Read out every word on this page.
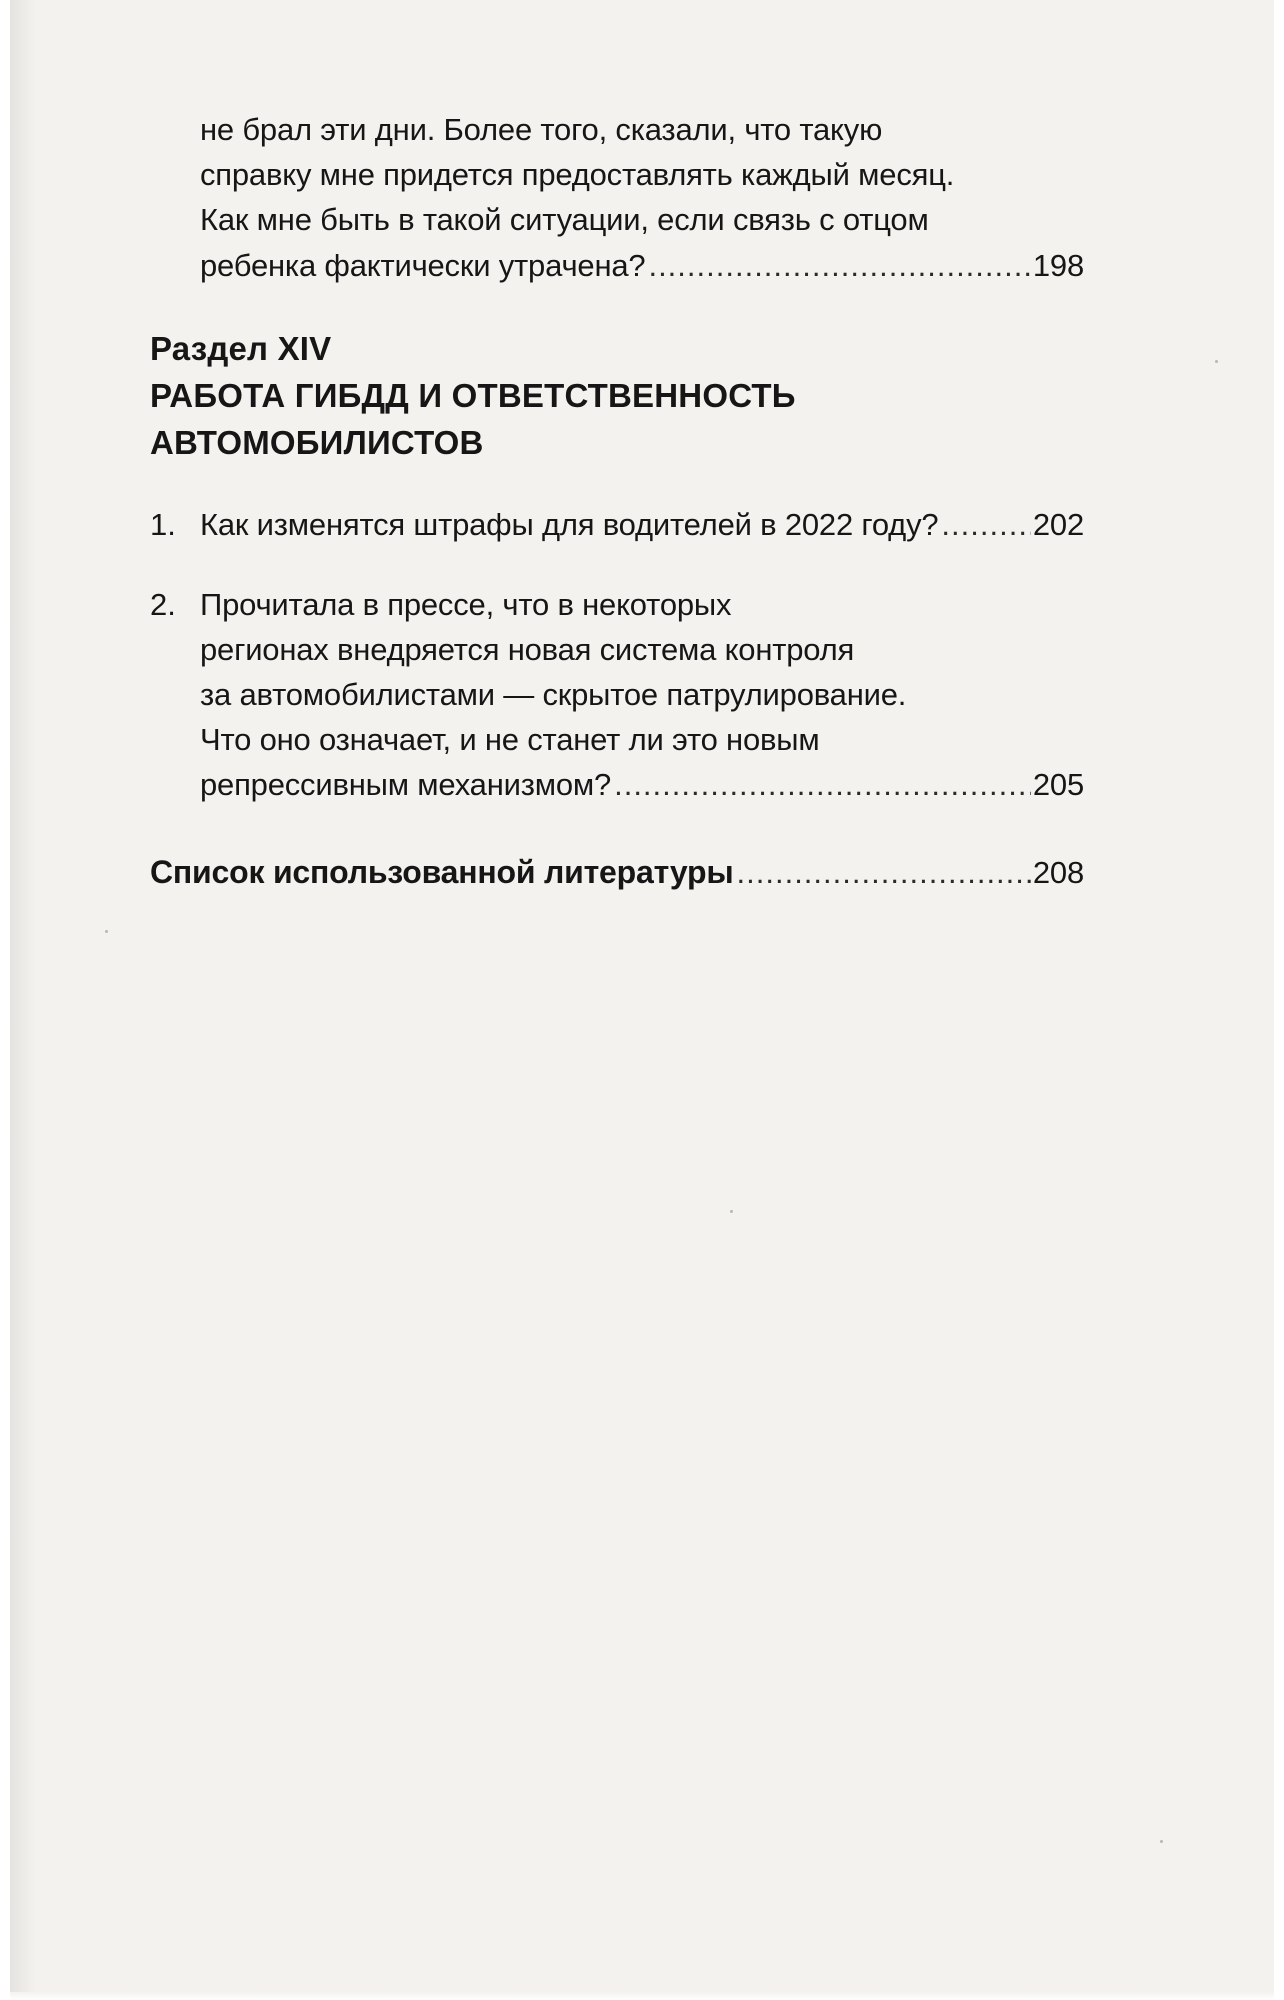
не брал эти дни. Более того, сказали, что такую
справку мне придется предоставлять каждый месяц.
Как мне быть в такой ситуации, если связь с отцом
ребенка фактически утрачена? .....	198
Раздел XIV
РАБОТА ГИБДД И ОТВЕТСТВЕННОСТЬ
АВТОМОБИЛИСТОВ
1. Как изменятся штрафы для водителей в 2022 году? .....	202
2. Прочитала в прессе, что в некоторых
регионах внедряется новая система контроля
за автомобилистами — скрытое патрулирование.
Что оно означает, и не станет ли это новым
репрессивным механизмом? .....	205
Список использованной литературы .....	208
